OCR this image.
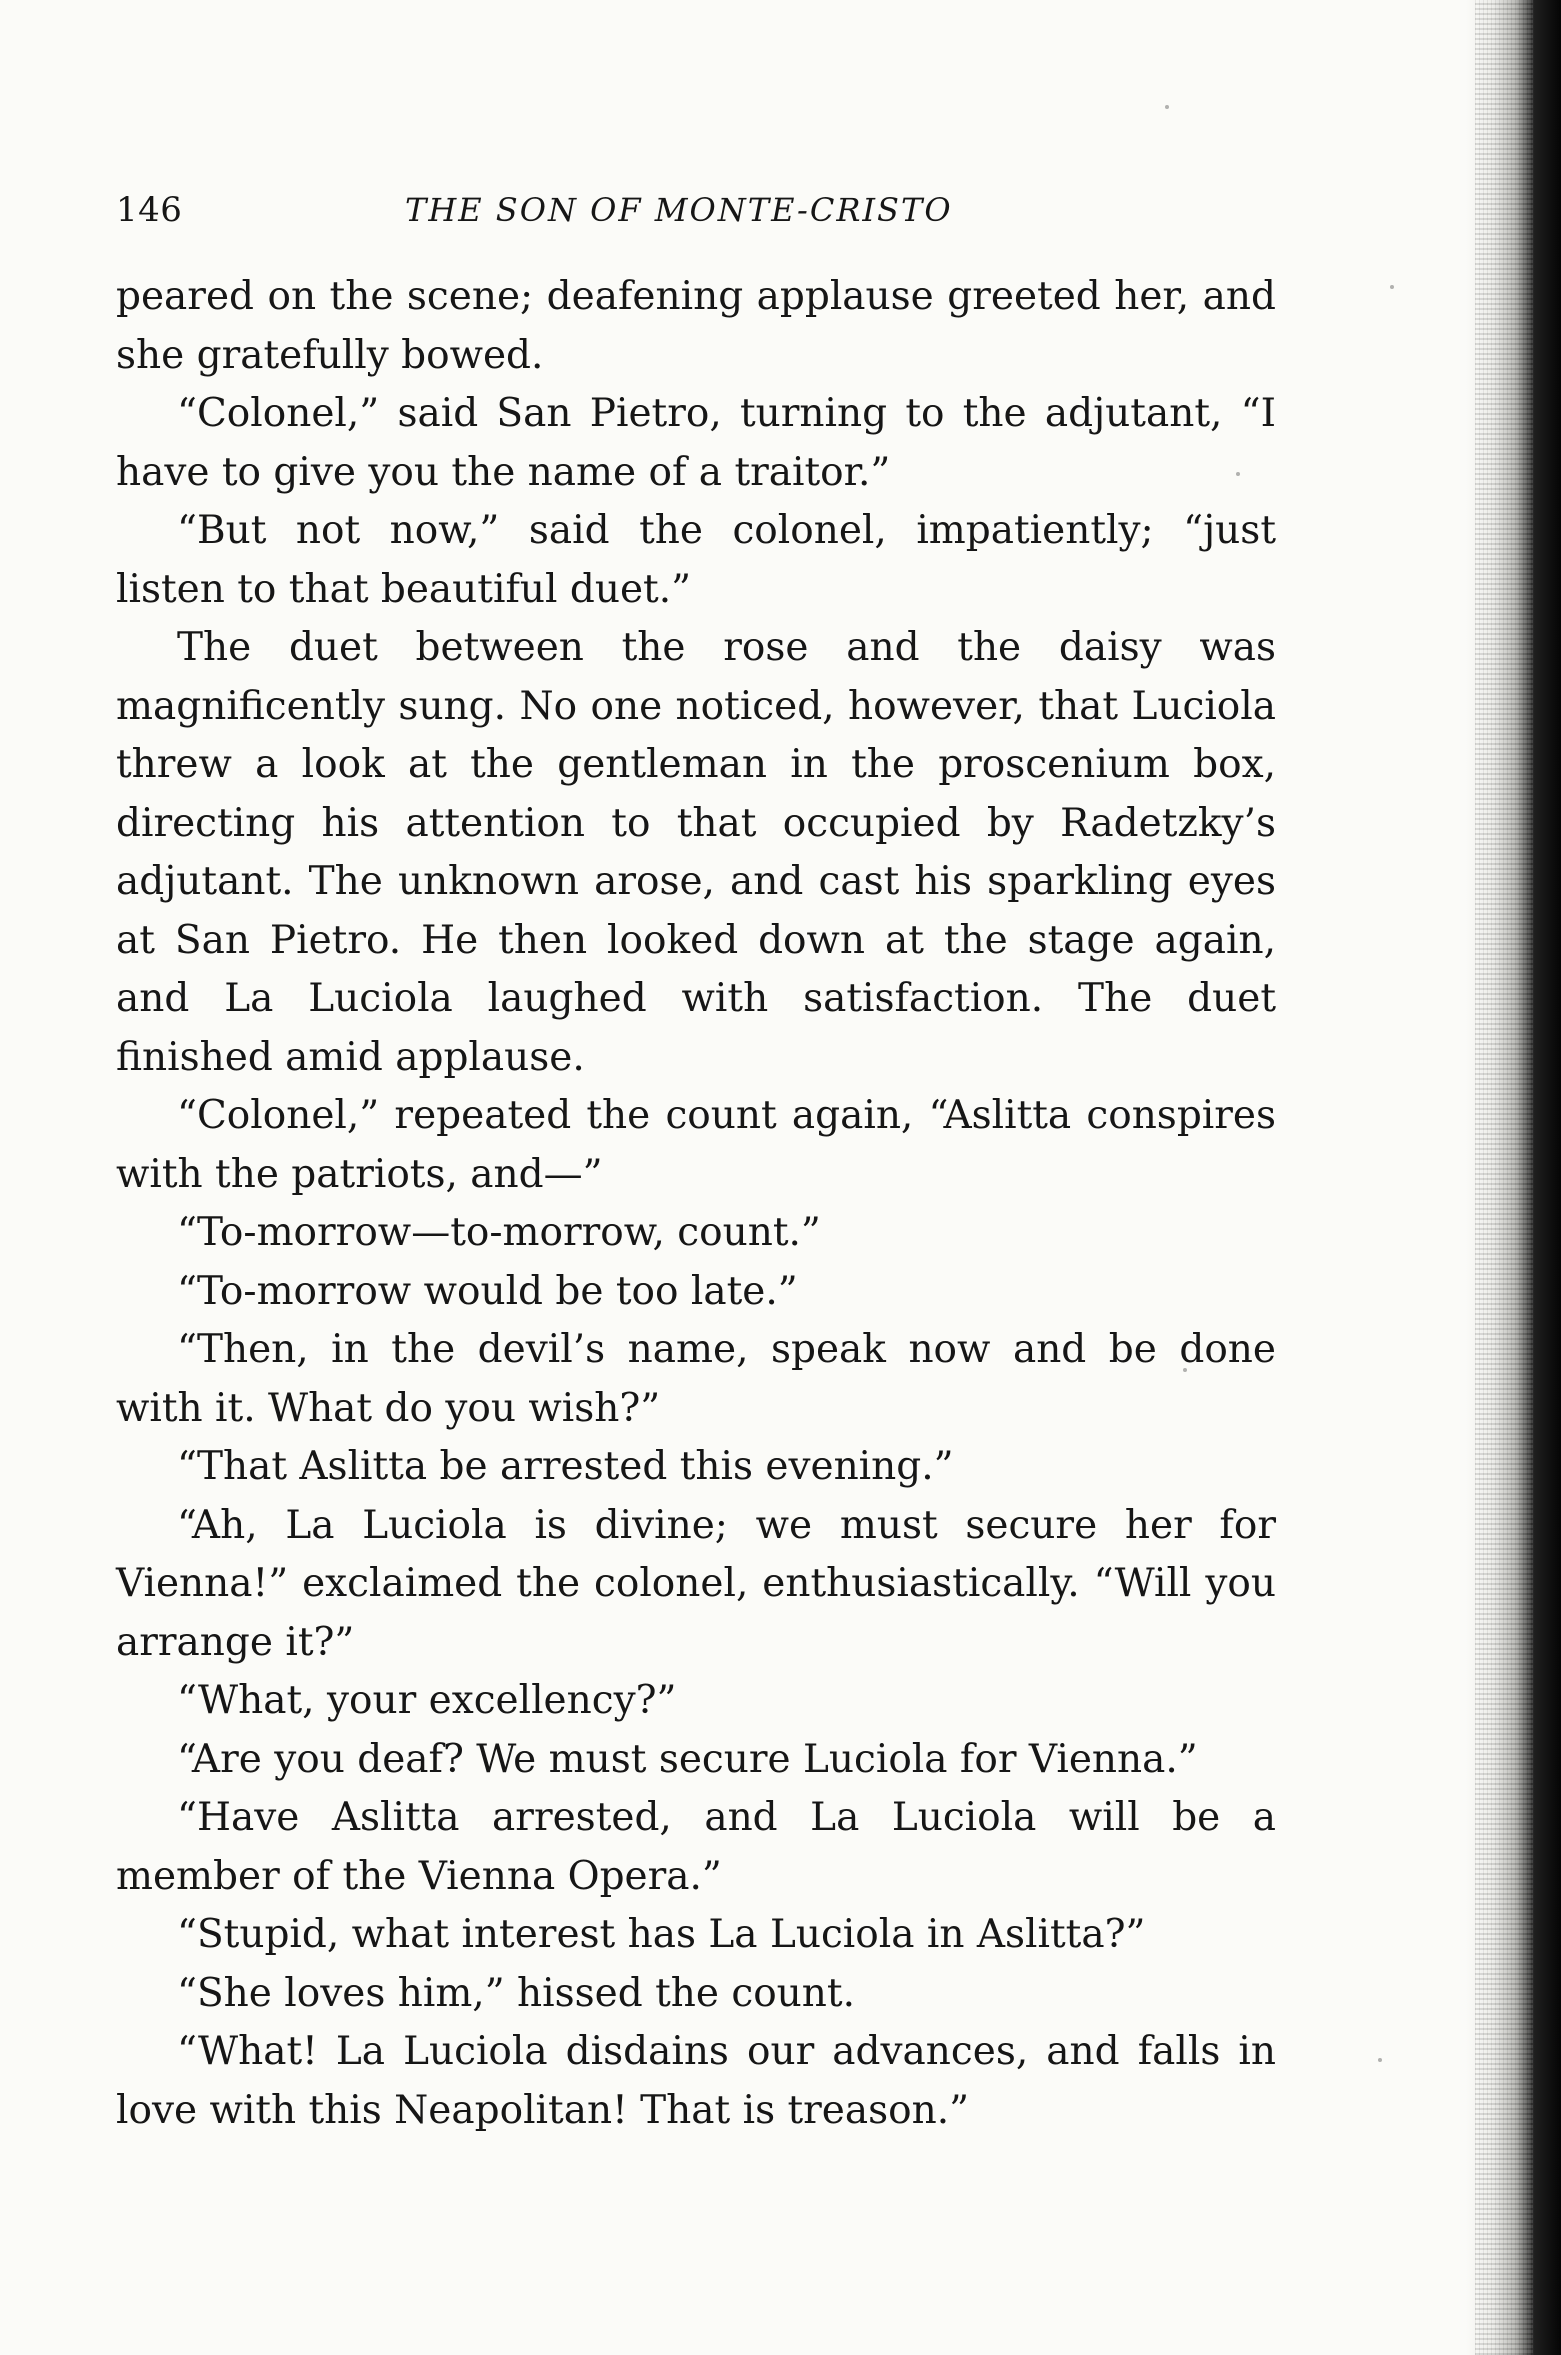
146	THE SON OF MONTE-CRISTO

peared on the scene; deafening applause greeted her, and she gratefully bowed.

“Colonel,” said San Pietro, turning to the adjutant, “I have to give you the name of a traitor.”

“But not now,” said the colonel, impatiently; “just listen to that beautiful duet.”

The duet between the rose and the daisy was magnificently sung. No one noticed, however, that Luciola threw a look at the gentleman in the proscenium box, directing his attention to that occupied by Radetzky’s adjutant. The unknown arose, and cast his sparkling eyes at San Pietro. He then looked down at the stage again, and La Luciola laughed with satisfaction. The duet finished amid applause.

“Colonel,” repeated the count again, “Aslitta conspires with the patriots, and—”

“To-morrow—to-morrow, count.”

“To-morrow would be too late.”

“Then, in the devil’s name, speak now and be done with it. What do you wish?”

“That Aslitta be arrested this evening.”

“Ah, La Luciola is divine; we must secure her for Vienna!” exclaimed the colonel, enthusiastically. “Will you arrange it?”

“What, your excellency?”

“Are you deaf? We must secure Luciola for Vienna.”

“Have Aslitta arrested, and La Luciola will be a member of the Vienna Opera.”

“Stupid, what interest has La Luciola in Aslitta?”

“She loves him,” hissed the count.

“What! La Luciola disdains our advances, and falls in love with this Neapolitan! That is treason.”
